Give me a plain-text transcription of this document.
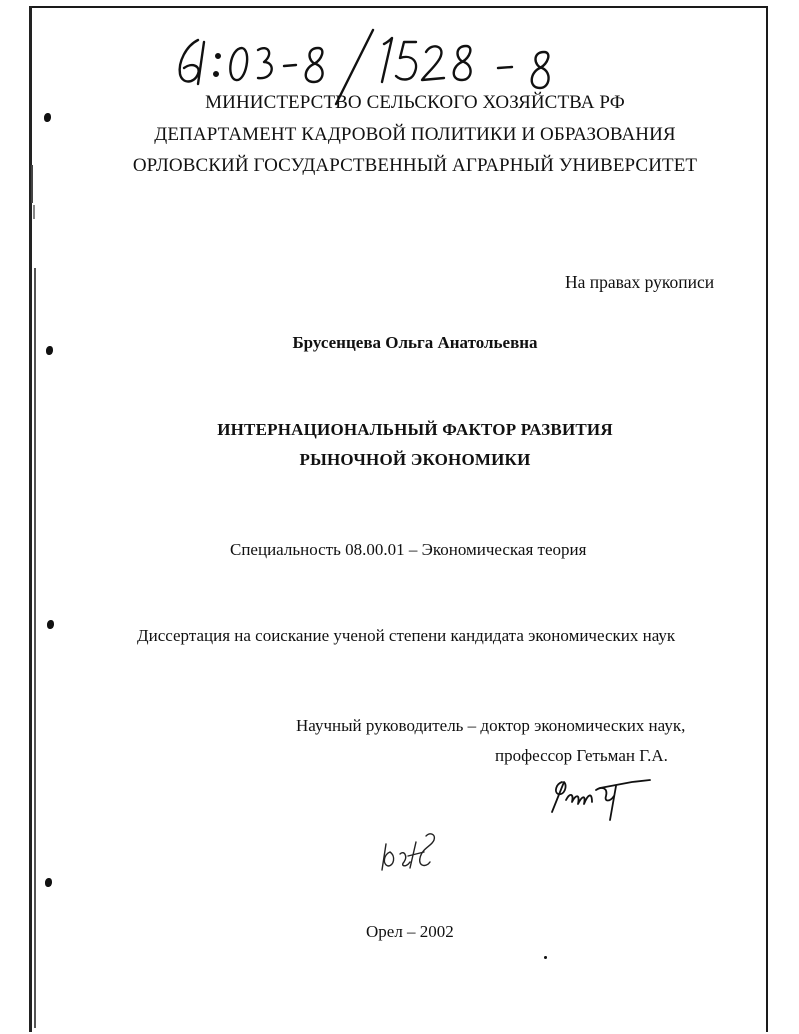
МИНИСТЕРСТВО СЕЛЬСКОГО ХОЗЯЙСТВА РФ
ДЕПАРТАМЕНТ КАДРОВОЙ ПОЛИТИКИ И ОБРАЗОВАНИЯ
ОРЛОВСКИЙ ГОСУДАРСТВЕННЫЙ АГРАРНЫЙ УНИВЕРСИТЕТ
На правах рукописи
Брусенцева Ольга Анатольевна
ИНТЕРНАЦИОНАЛЬНЫЙ ФАКТОР РАЗВИТИЯ
РЫНОЧНОЙ ЭКОНОМИКИ
Специальность 08.00.01 – Экономическая теория
Диссертация на соискание ученой степени кандидата экономических наук
Научный руководитель – доктор экономических наук,
профессор Гетьман Г.А.
Орел – 2002
